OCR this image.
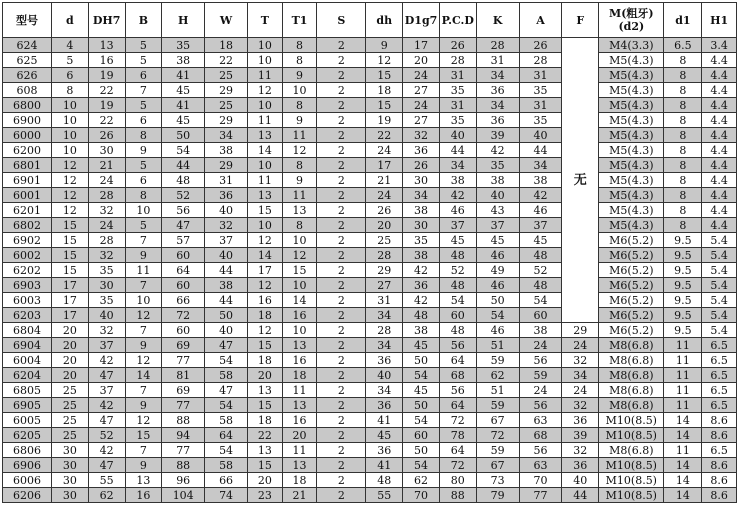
型号	d	DH7	B	H	W	T	T1	S	dh	D1g7	P.C.D	K	A	F	M(粗牙)
(d2)	d1	H1
624	4	13	5	35	18	10	8	2	9	17	26	28	26	无	M4(3.3)	6.5	3.4
625	5	16	5	38	22	10	8	2	12	20	28	31	28		M5(4.3)	8	4.4
626	6	19	6	41	25	11	9	2	15	24	31	34	31		M5(4.3)	8	4.4
608	8	22	7	45	29	12	10	2	18	27	35	36	35		M5(4.3)	8	4.4
6800	10	19	5	41	25	10	8	2	15	24	31	34	31		M5(4.3)	8	4.4
6900	10	22	6	45	29	11	9	2	19	27	35	36	35		M5(4.3)	8	4.4
6000	10	26	8	50	34	13	11	2	22	32	40	39	40		M5(4.3)	8	4.4
6200	10	30	9	54	38	14	12	2	24	36	44	42	44		M5(4.3)	8	4.4
6801	12	21	5	44	29	10	8	2	17	26	34	35	34		M5(4.3)	8	4.4
6901	12	24	6	48	31	11	9	2	21	30	38	38	38		M5(4.3)	8	4.4
6001	12	28	8	52	36	13	11	2	24	34	42	40	42		M5(4.3)	8	4.4
6201	12	32	10	56	40	15	13	2	26	38	46	43	46		M5(4.3)	8	4.4
6802	15	24	5	47	32	10	8	2	20	30	37	37	37		M5(4.3)	8	4.4
6902	15	28	7	57	37	12	10	2	25	35	45	45	45		M6(5.2)	9.5	5.4
6002	15	32	9	60	40	14	12	2	28	38	48	46	48		M6(5.2)	9.5	5.4
6202	15	35	11	64	44	17	15	2	29	42	52	49	52		M6(5.2)	9.5	5.4
6903	17	30	7	60	38	12	10	2	27	36	48	46	48		M6(5.2)	9.5	5.4
6003	17	35	10	66	44	16	14	2	31	42	54	50	54		M6(5.2)	9.5	5.4
6203	17	40	12	72	50	18	16	2	34	48	60	54	60		M6(5.2)	9.5	5.4
6804	20	32	7	60	40	12	10	2	28	38	48	46	38	29	M6(5.2)	9.5	5.4
6904	20	37	9	69	47	15	13	2	34	45	56	51	24	24	M8(6.8)	11	6.5
6004	20	42	12	77	54	18	16	2	36	50	64	59	56	32	M8(6.8)	11	6.5
6204	20	47	14	81	58	20	18	2	40	54	68	62	59	34	M8(6.8)	11	6.5
6805	25	37	7	69	47	13	11	2	34	45	56	51	24	24	M8(6.8)	11	6.5
6905	25	42	9	77	54	15	13	2	36	50	64	59	56	32	M8(6.8)	11	6.5
6005	25	47	12	88	58	18	16	2	41	54	72	67	63	36	M10(8.5)	14	8.6
6205	25	52	15	94	64	22	20	2	45	60	78	72	68	39	M10(8.5)	14	8.6
6806	30	42	7	77	54	13	11	2	36	50	64	59	56	32	M8(6.8)	11	6.5
6906	30	47	9	88	58	15	13	2	41	54	72	67	63	36	M10(8.5)	14	8.6
6006	30	55	13	96	66	20	18	2	48	62	80	73	70	40	M10(8.5)	14	8.6
6206	30	62	16	104	74	23	21	2	55	70	88	79	77	44	M10(8.5)	14	8.6
